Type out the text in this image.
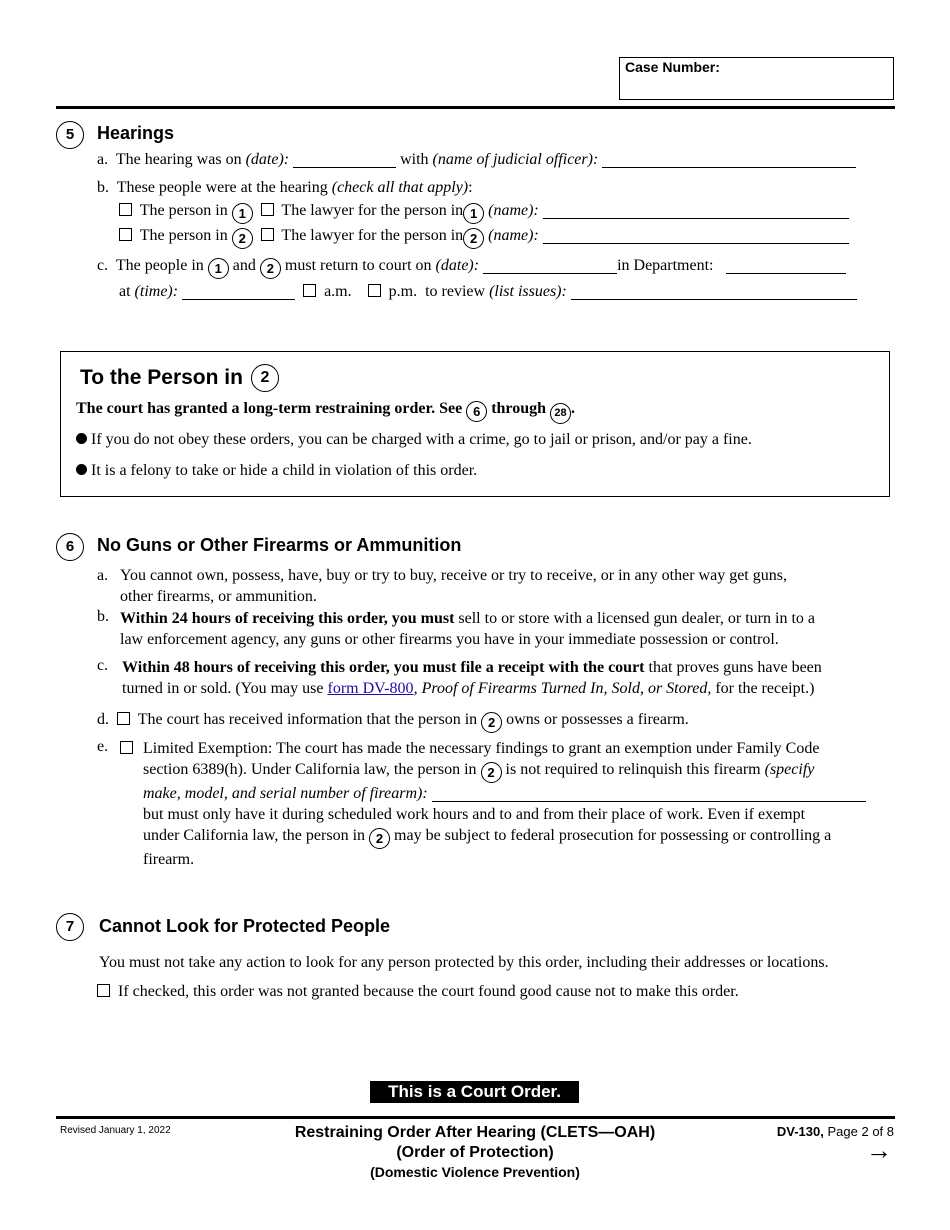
Case Number:
5	Hearings
a. The hearing was on (date):	with (name of judicial officer):
b. These people were at the hearing (check all that apply):
The person in 1 The lawyer for the person in 1 (name):
The person in 2 The lawyer for the person in 2 (name):
c. The people in 1 and 2 must return to court on (date):	in Department:
at (time):	a.m. p.m. to review (list issues):
To the Person in 2
The court has granted a long-term restraining order. See 6 through 28 .
If you do not obey these orders, you can be charged with a crime, go to jail or prison, and/or pay a fine.
It is a felony to take or hide a child in violation of this order.
6	No Guns or Other Firearms or Ammunition
a. You cannot own, possess, have, buy or try to buy, receive or try to receive, or in any other way get guns,
other firearms, or ammunition.
b. Within 24 hours of receiving this order, you must sell to or store with a licensed gun dealer, or turn in to a
law enforcement agency, any guns or other firearms you have in your immediate possession or control.
c. Within 48 hours of receiving this order, you must file a receipt with the court that proves guns have been
turned in or sold. (You may use form DV-800, Proof of Firearms Turned In, Sold, or Stored, for the receipt.)
d. The court has received information that the person in 2 owns or possesses a firearm.
e. Limited Exemption: The court has made the necessary findings to grant an exemption under Family Code
section 6389(h). Under California law, the person in 2 is not required to relinquish this firearm (specify
make, model, and serial number of firearm):
but must only have it during scheduled work hours and to and from their place of work. Even if exempt
under California law, the person in 2 may be subject to federal prosecution for possessing or controlling a
firearm.
7	Cannot Look for Protected People
You must not take any action to look for any person protected by this order, including their addresses or locations.
If checked, this order was not granted because the court found good cause not to make this order.
This is a Court Order.
Revised January 1, 2022	Restraining Order After Hearing (CLETS—OAH)
(Order of Protection)
(Domestic Violence Prevention)
DV-130, Page 2 of 8
→
